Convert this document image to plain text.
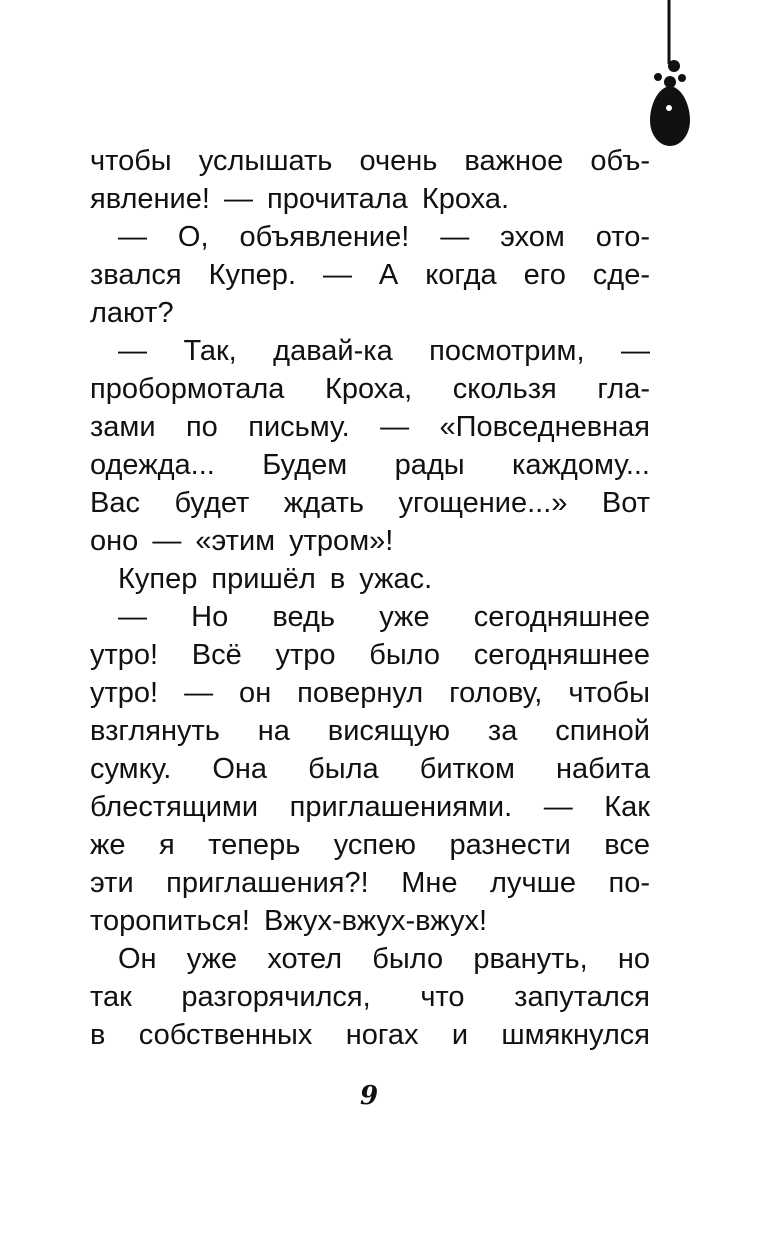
чтобы услышать очень важное объ-
явление! — прочитала Кроха.
— О, объявление! — эхом ото-
звался Купер. — А когда его сде-
лают?
— Так, давай-ка посмотрим, —
пробормотала Кроха, скользя гла-
зами по письму. — «Повседневная
одежда... Будем рады каждому...
Вас будет ждать угощение...» Вот
оно — «этим утром»!
Купер пришёл в ужас.
— Но ведь уже сегодняшнее
утро! Всё утро было сегодняшнее
утро! — он повернул голову, чтобы
взглянуть на висящую за спиной
сумку. Она была битком набита
блестящими приглашениями. — Как
же я теперь успею разнести все
эти приглашения?! Мне лучше по-
торопиться! Вжух-вжух-вжух!
Он уже хотел было рвануть, но
так разгорячился, что запутался
в собственных ногах и шмякнулся
9
